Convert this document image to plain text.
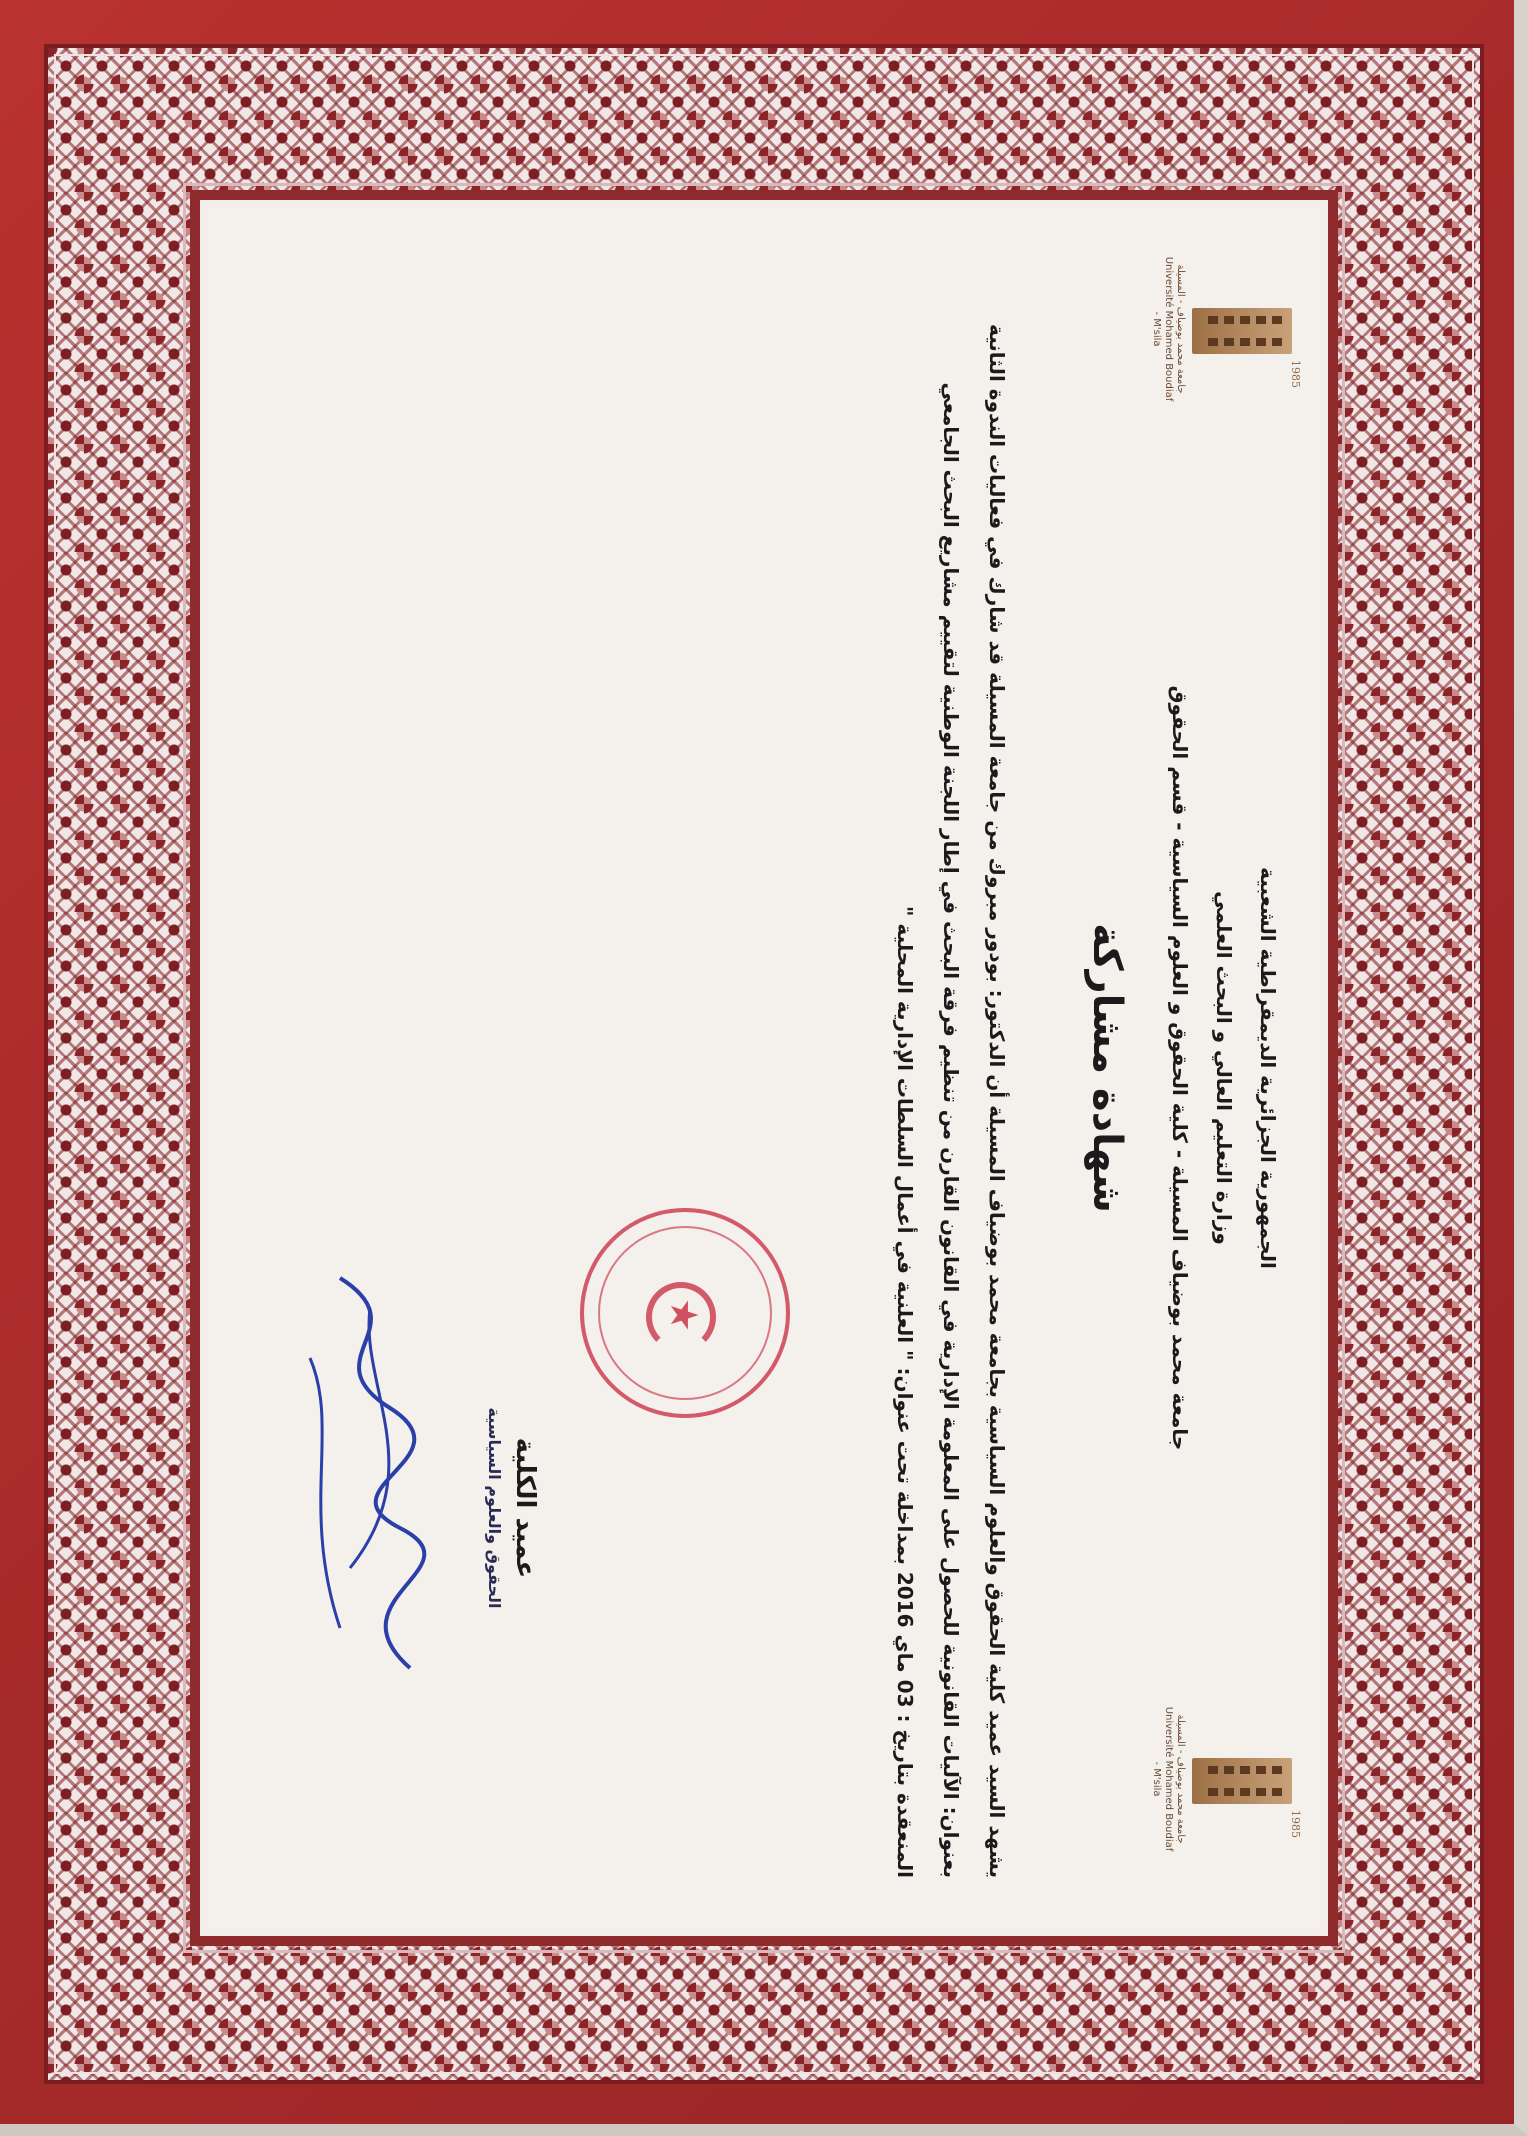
1985
جامعة محمد بوضياف - المسيلة
Université Mohamed Boudiaf - M'sila
1985
جامعة محمد بوضياف - المسيلة
Université Mohamed Boudiaf - M'sila
الجمهورية الجزائرية الديمقراطية الشعبية
وزارة التعليم العالي و البحث العلمي
جامعة محمد بوضياف المسيلة - كلية الحقوق و العلوم السياسية - قسم الحقوق
شهادة مشاركة

يشهد السيد عميد كلية الحقوق والعلوم السياسية بجامعة محمد بوضياف المسيلة أن الدكتور: بودور مبروك من جامعة المسيلة قد شارك في فعاليات الندوة الثانية

بعنوان: الآليات القانونية للحصول على المعلومة الإدارية في القانون القارن من تنظيم فرقة البحث في إطار اللجنة الوطنية لتقييم مشاريع البحث الجامعي

المنعقدة بتاريخ : 03 ماي 2016 بمداخلة تحت عنوان: " العلنية في أعمال السلطات الإدارية المحلية "

★
عميد الكلية
الحقوق والعلوم السياسية
